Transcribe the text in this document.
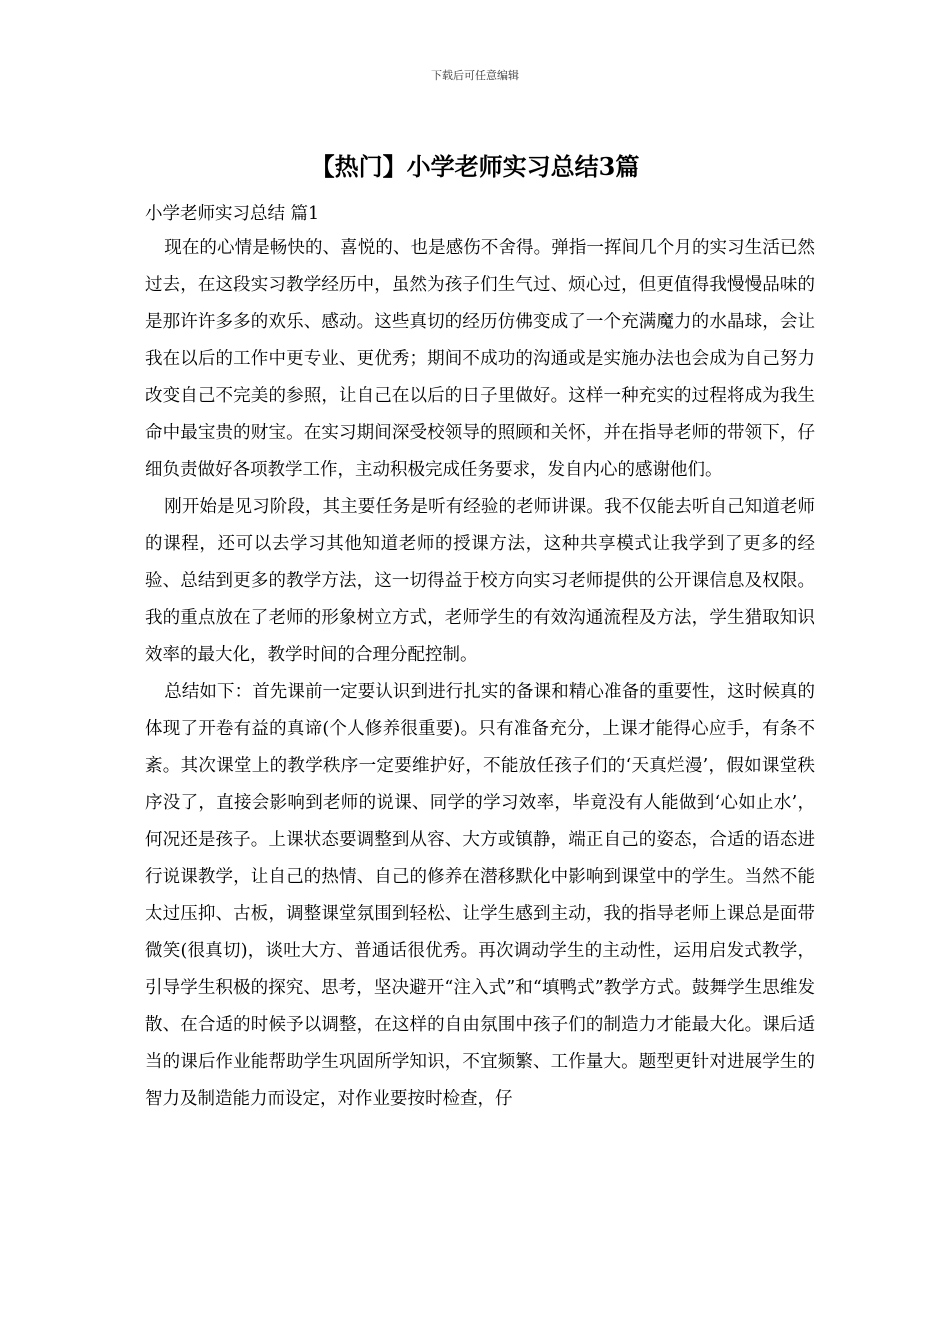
下载后可任意编辑
【热门】小学老师实习总结3篇

小学老师实习总结 篇1

现在的心情是畅快的、喜悦的、也是感伤不舍得。弹指一挥间几个月的实习生活已然过去，在这段实习教学经历中，虽然为孩子们生气过、烦心过，但更值得我慢慢品味的是那许许多多的欢乐、感动。这些真切的经历仿佛变成了一个充满魔力的水晶球，会让我在以后的工作中更专业、更优秀；期间不成功的沟通或是实施办法也会成为自己努力改变自己不完美的参照，让自己在以后的日子里做好。这样一种充实的过程将成为我生命中最宝贵的财宝。在实习期间深受校领导的照顾和关怀，并在指导老师的带领下，仔细负责做好各项教学工作，主动积极完成任务要求，发自内心的感谢他们。

刚开始是见习阶段，其主要任务是听有经验的老师讲课。我不仅能去听自己知道老师的课程，还可以去学习其他知道老师的授课方法，这种共享模式让我学到了更多的经验、总结到更多的教学方法，这一切得益于校方向实习老师提供的公开课信息及权限。我的重点放在了老师的形象树立方式，老师学生的有效沟通流程及方法，学生猎取知识效率的最大化，教学时间的合理分配控制。

总结如下：首先课前一定要认识到进行扎实的备课和精心准备的重要性，这时候真的体现了开卷有益的真谛(个人修养很重要)。只有准备充分，上课才能得心应手，有条不紊。其次课堂上的教学秩序一定要维护好，不能放任孩子们的‘天真烂漫’，假如课堂秩序没了，直接会影响到老师的说课、同学的学习效率，毕竟没有人能做到‘心如止水’，何况还是孩子。上课状态要调整到从容、大方或镇静，端正自己的姿态，合适的语态进行说课教学，让自己的热情、自己的修养在潜移默化中影响到课堂中的学生。当然不能太过压抑、古板，调整课堂氛围到轻松、让学生感到主动，我的指导老师上课总是面带微笑(很真切)，谈吐大方、普通话很优秀。再次调动学生的主动性，运用启发式教学，引导学生积极的探究、思考，坚决避开“注入式”和“填鸭式”教学方式。鼓舞学生思维发散、在合适的时候予以调整，在这样的自由氛围中孩子们的制造力才能最大化。课后适当的课后作业能帮助学生巩固所学知识，不宜频繁、工作量大。题型更针对进展学生的智力及制造能力而设定，对作业要按时检查，仔
